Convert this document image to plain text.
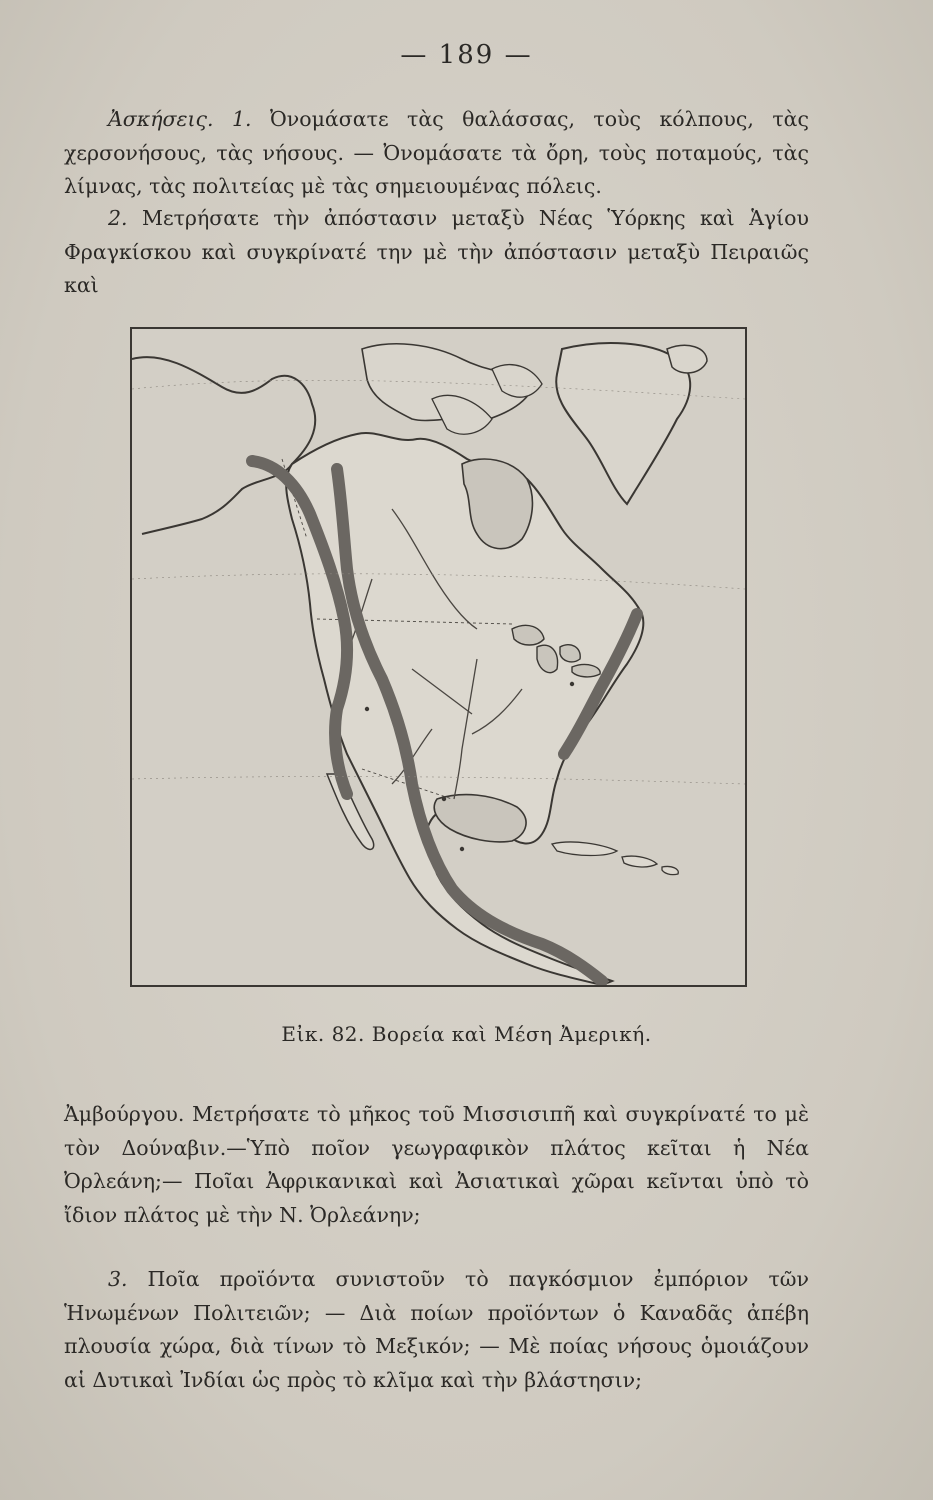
— 189 —

Ἀσκήσεις. 1. Ὀνομάσατε τὰς θαλάσσας, τοὺς κόλπους, τὰς χερσονήσους, τὰς νήσους. — Ὀνομάσατε τὰ ὄρη, τοὺς ποταμούς, τὰς λίμνας, τὰς πολιτείας μὲ τὰς σημειουμένας πόλεις.

2. Μετρήσατε τὴν ἀπόστασιν μεταξὺ Νέας Ὑόρκης καὶ Ἁγίου Φραγκίσκου καὶ συγκρίνατέ την μὲ τὴν ἀπόστασιν μεταξὺ Πειραιῶς καὶ

Εἰκ. 82. Βορεία καὶ Μέση Ἀμερική.

Ἀμβούργου. Μετρήσατε τὸ μῆκος τοῦ Μισσισιπῆ καὶ συγκρίνατέ το μὲ τὸν Δούναβιν.—Ὑπὸ ποῖον γεωγραφικὸν πλάτος κεῖται ἡ Νέα Ὀρλεάνη;— Ποῖαι Ἀφρικανικαὶ καὶ Ἀσιατικαὶ χῶραι κεῖνται ὑπὸ τὸ ἴδιον πλάτος μὲ τὴν Ν. Ὀρλεάνην;

3. Ποῖα προϊόντα συνιστοῦν τὸ παγκόσμιον ἐμπόριον τῶν Ἡνωμένων Πολιτειῶν; — Διὰ ποίων προϊόντων ὁ Καναδᾶς ἀπέβη πλουσία χώρα, διὰ τίνων τὸ Μεξικόν; — Μὲ ποίας νήσους ὁμοιάζουν αἱ Δυτικαὶ Ἰνδίαι ὡς πρὸς τὸ κλῖμα καὶ τὴν βλάστησιν;
